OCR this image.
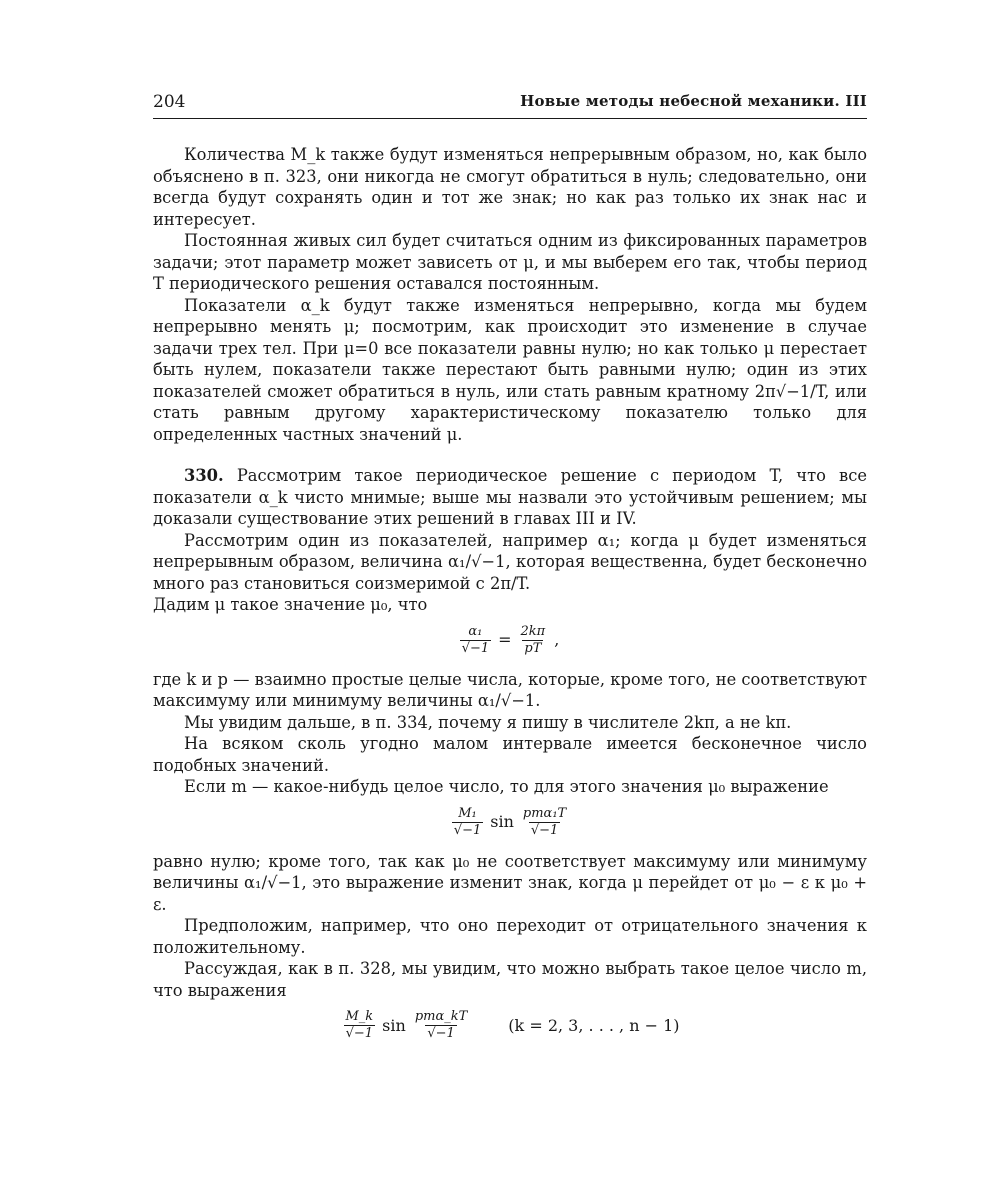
204	Новые методы небесной механики. III

Количества M_k также будут изменяться непрерывным образом, но, как было объяснено в п. 323, они никогда не смогут обратиться в нуль; следовательно, они всегда будут сохранять один и тот же знак; но как раз только их знак нас и интересует.

Постоянная живых сил будет считаться одним из фиксированных параметров задачи; этот параметр может зависеть от μ, и мы выберем его так, чтобы период T периодического решения оставался постоянным.

Показатели α_k будут также изменяться непрерывно, когда мы будем непрерывно менять μ; посмотрим, как происходит это изменение в случае задачи трех тел. При μ=0 все показатели равны нулю; но как только μ перестает быть нулем, показатели также перестают быть равными нулю; один из этих показателей сможет обратиться в нуль, или стать равным кратному 2π√−1/T, или стать равным другому характеристическому показателю только для определенных частных значений μ.

330. Рассмотрим такое периодическое решение с периодом T, что все показатели α_k чисто мнимые; выше мы назвали это устойчивым решением; мы доказали существование этих решений в главах III и IV.

Рассмотрим один из показателей, например α₁; когда μ будет изменяться непрерывным образом, величина α₁/√−1, которая вещественна, будет бесконечно много раз становиться соизмеримой с 2π/T.

Дадим μ такое значение μ₀, что

$\frac{\text{α₁}}{√-1} = \frac{2k\pi}{pT}$ ,

где k и p — взаимно простые целые числа, которые, кроме того, не соответствуют максимуму или минимуму величины α₁/√−1.

Мы увидим дальше, в п. 334, почему я пишу в числителе 2kπ, а не kπ.

На всяком сколь угодно малом интервале имеется бесконечное число подобных значений.

Если m — какое-нибудь целое число, то для этого значения μ₀ выражение

$\frac{\text{M₁}}{√-1}$ $\sin \frac{\text{pmα₁T}}{√-1}$

равно нулю; кроме того, так как μ₀ не соответствует максимуму или минимуму величины α₁/√−1, это выражение изменит знак, когда μ перейдет от μ₀ − ε к μ₀ + ε.

Предположим, например, что оно переходит от отрицательного значения к положительному.

Рассуждая, как в п. 328, мы увидим, что можно выбрать такое целое число m, что выражения

$\frac{M\_k}{√-1}$ $\sin \frac{\text{pmα\_kT}}{√-1} (k = 2$, 3, . . . , n − 1)
